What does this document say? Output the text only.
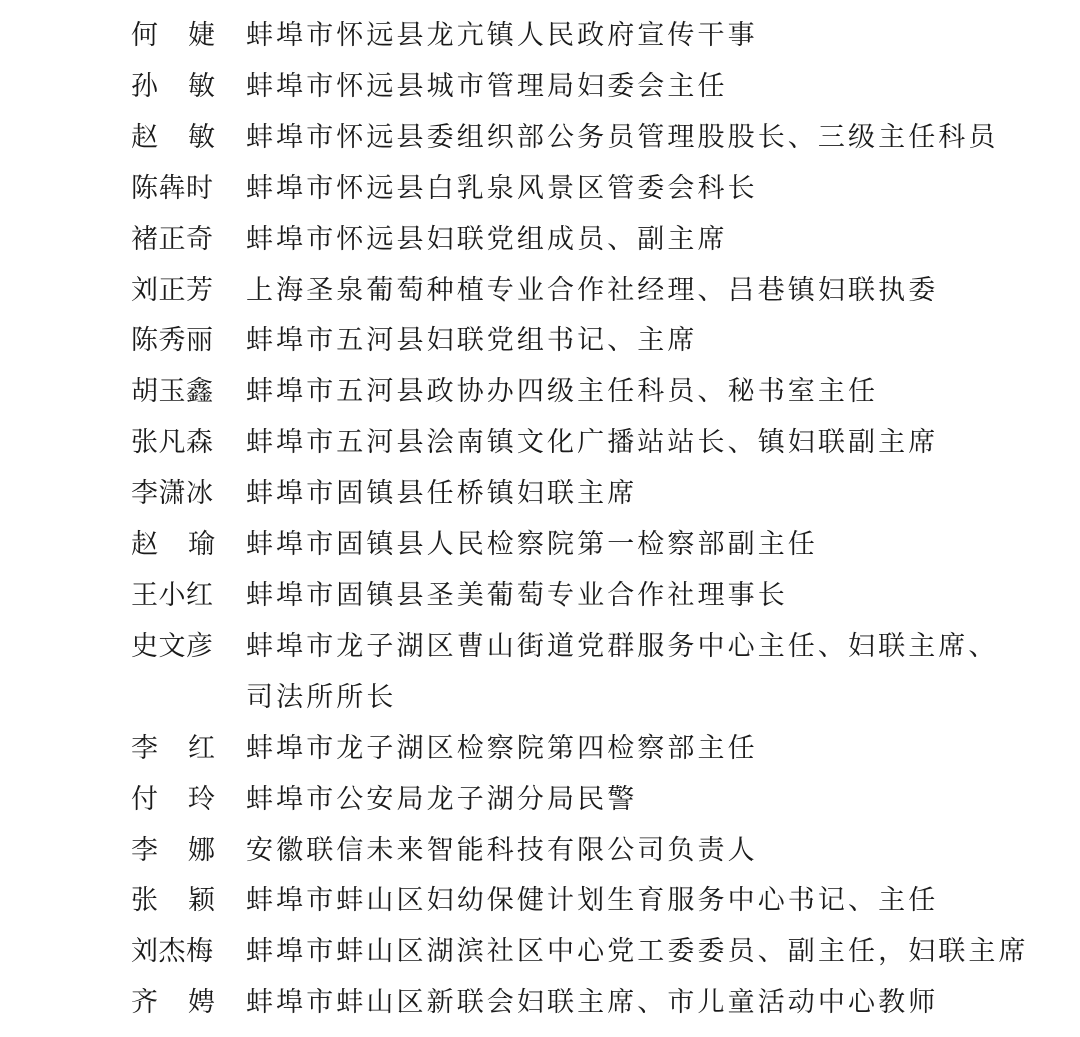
何婕 蚌埠市怀远县龙亢镇人民政府宣传干事
孙敏 蚌埠市怀远县城市管理局妇委会主任
赵敏 蚌埠市怀远县委组织部公务员管理股股长、三级主任科员
陈犇时	蚌埠市怀远县白乳泉风景区管委会科长
褚正奇	蚌埠市怀远县妇联党组成员、副主席
刘正芳	上海圣泉葡萄种植专业合作社经理、吕巷镇妇联执委
陈秀丽	蚌埠市五河县妇联党组书记、主席
胡玉鑫	蚌埠市五河县政协办四级主任科员、秘书室主任
张凡森	蚌埠市五河县浍南镇文化广播站站长、镇妇联副主席
李潇冰	蚌埠市固镇县任桥镇妇联主席
赵瑜 蚌埠市固镇县人民检察院第一检察部副主任
王小红	蚌埠市固镇县圣美葡萄专业合作社理事长
史文彦	蚌埠市龙子湖区曹山街道党群服务中心主任、妇联主席、
司法所所长
李红 蚌埠市龙子湖区检察院第四检察部主任
付玲 蚌埠市公安局龙子湖分局民警
李娜 安徽联信未来智能科技有限公司负责人
张颖 蚌埠市蚌山区妇幼保健计划生育服务中心书记、主任
刘杰梅	蚌埠市蚌山区湖滨社区中心党工委委员、副主任，妇联主席
齐娉 蚌埠市蚌山区新联会妇联主席、市儿童活动中心教师
